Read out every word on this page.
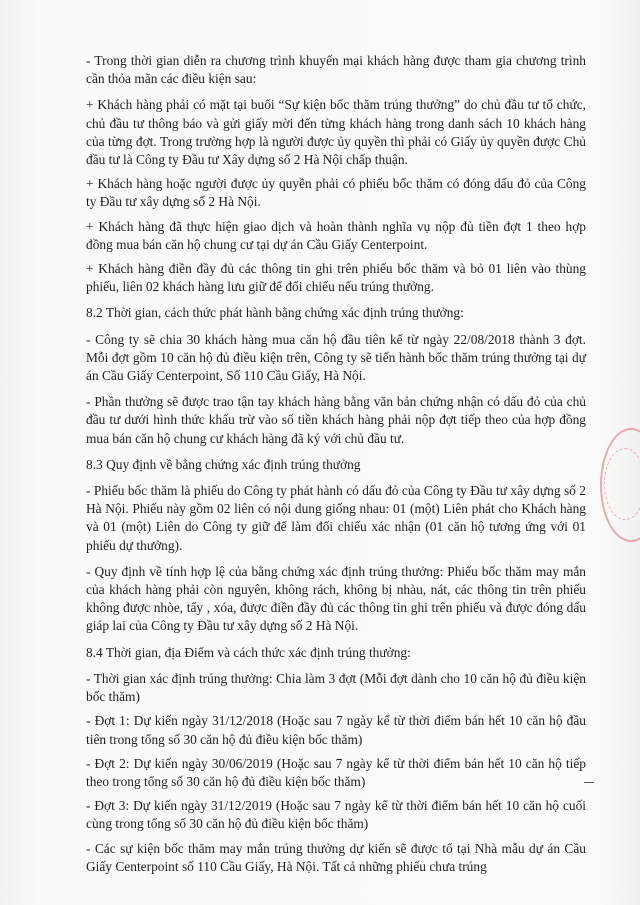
- Trong thời gian diễn ra chương trình khuyến mại khách hàng được tham gia chương trình cần thỏa mãn các điều kiện sau:

+ Khách hàng phải có mặt tại buổi “Sự kiện bốc thăm trúng thưởng” do chủ đầu tư tổ chức, chủ đầu tư thông báo và gửi giấy mời đến từng khách hàng trong danh sách 10 khách hàng của từng đợt. Trong trường hợp là người được ủy quyền thì phải có Giấy ủy quyền được Chủ đầu tư là Công ty Đầu tư Xây dựng số 2 Hà Nội chấp thuận.

+ Khách hàng hoặc người được ủy quyền phải có phiếu bốc thăm có đóng dấu đỏ của Công ty Đầu tư xây dựng số 2 Hà Nội.

+ Khách hàng đã thực hiện giao dịch và hoàn thành nghĩa vụ nộp đủ tiền đợt 1 theo hợp đồng mua bán căn hộ chung cư tại dự án Cầu Giấy Centerpoint.

+ Khách hàng điền đầy đủ các thông tin ghi trên phiếu bốc thăm và bỏ 01 liên vào thùng phiếu, liên 02 khách hàng lưu giữ để đối chiếu nếu trúng thưởng.

8.2 Thời gian, cách thức phát hành bằng chứng xác định trúng thưởng:

- Công ty sẽ chia 30 khách hàng mua căn hộ đầu tiên kể từ ngày 22/08/2018 thành 3 đợt. Mỗi đợt gồm 10 căn hộ đủ điều kiện trên, Công ty sẽ tiến hành bốc thăm trúng thưởng tại dự án Cầu Giấy Centerpoint, Số 110 Cầu Giấy, Hà Nội.

- Phần thưởng sẽ được trao tận tay khách hàng bằng văn bản chứng nhận có dấu đỏ của chủ đầu tư dưới hình thức khấu trừ vào số tiền khách hàng phải nộp đợt tiếp theo của hợp đồng mua bán căn hộ chung cư khách hàng đã ký với chủ đầu tư.

8.3 Quy định về bằng chứng xác định trúng thưởng

- Phiếu bốc thăm là phiếu do Công ty phát hành có dấu đỏ của Công ty Đầu tư xây dựng số 2 Hà Nội. Phiếu này gồm 02 liên có nội dung giống nhau: 01 (một) Liên phát cho Khách hàng và 01 (một) Liên do Công ty giữ để làm đối chiếu xác nhận (01 căn hộ tương ứng với 01 phiếu dự thưởng).

- Quy định về tính hợp lệ của bằng chứng xác định trúng thưởng: Phiếu bốc thăm may mắn của khách hàng phải còn nguyên, không rách, không bị nhàu, nát, các thông tin trên phiếu không được nhòe, tẩy , xóa, được điền đầy đủ các thông tin ghi trên phiếu và được đóng dấu giáp lai của Công ty Đầu tư xây dựng số 2 Hà Nội.

8.4 Thời gian, địa Điểm và cách thức xác định trúng thưởng:

- Thời gian xác định trúng thưởng: Chia làm 3 đợt (Mỗi đợt dành cho 10 căn hộ đủ điều kiện bốc thăm)

- Đợt 1: Dự kiến ngày 31/12/2018 (Hoặc sau 7 ngày kể từ thời điểm bán hết 10 căn hộ đầu tiên trong tổng số 30 căn hộ đủ điều kiện bốc thăm)

- Đợt 2: Dự kiến ngày 30/06/2019 (Hoặc sau 7 ngày kể từ thời điểm bán hết 10 căn hộ tiếp theo trong tổng số 30 căn hộ đủ điều kiện bốc thăm)

- Đợt 3: Dự kiến ngày 31/12/2019 (Hoặc sau 7 ngày kể từ thời điểm bán hết 10 căn hộ cuối cùng trong tổng số 30 căn hộ đủ điều kiện bốc thăm)

- Các sự kiện bốc thăm may mắn trúng thưởng dự kiến sẽ được tổ tại Nhà mẫu dự án Cầu Giấy Centerpoint số 110 Cầu Giấy, Hà Nội. Tất cả những phiếu chưa trúng
